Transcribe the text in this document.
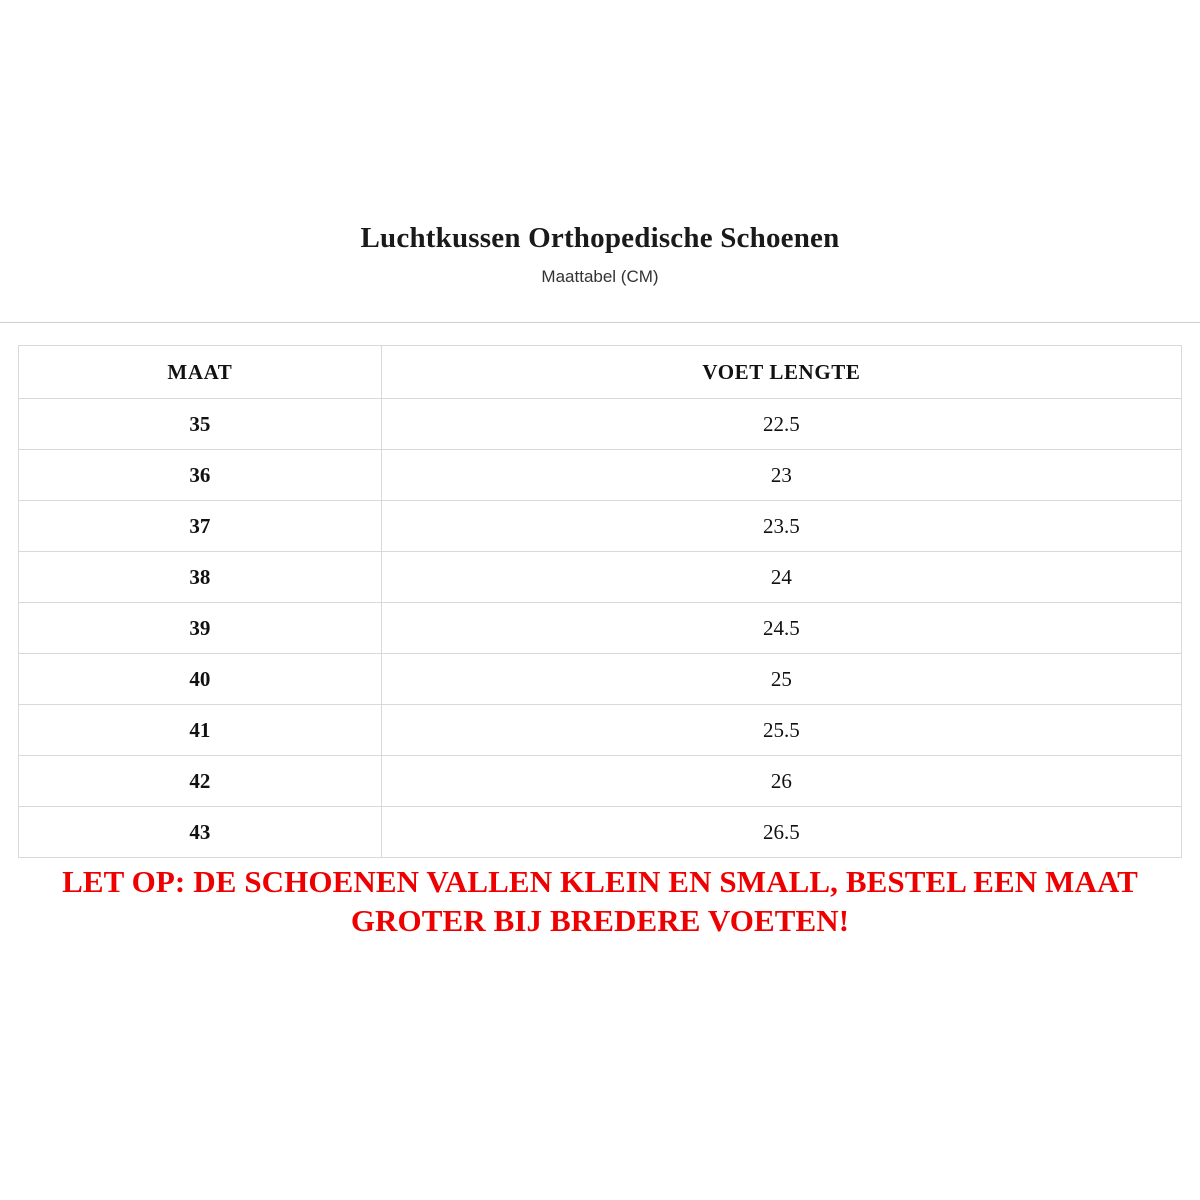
Luchtkussen Orthopedische Schoenen
Maattabel (CM)
MAAT	VOET LENGTE
35	22.5
36	23
37	23.5
38	24
39	24.5
40	25
41	25.5
42	26
43	26.5
LET OP: DE SCHOENEN VALLEN KLEIN EN SMALL, BESTEL EEN MAAT GROTER BIJ BREDERE VOETEN!
